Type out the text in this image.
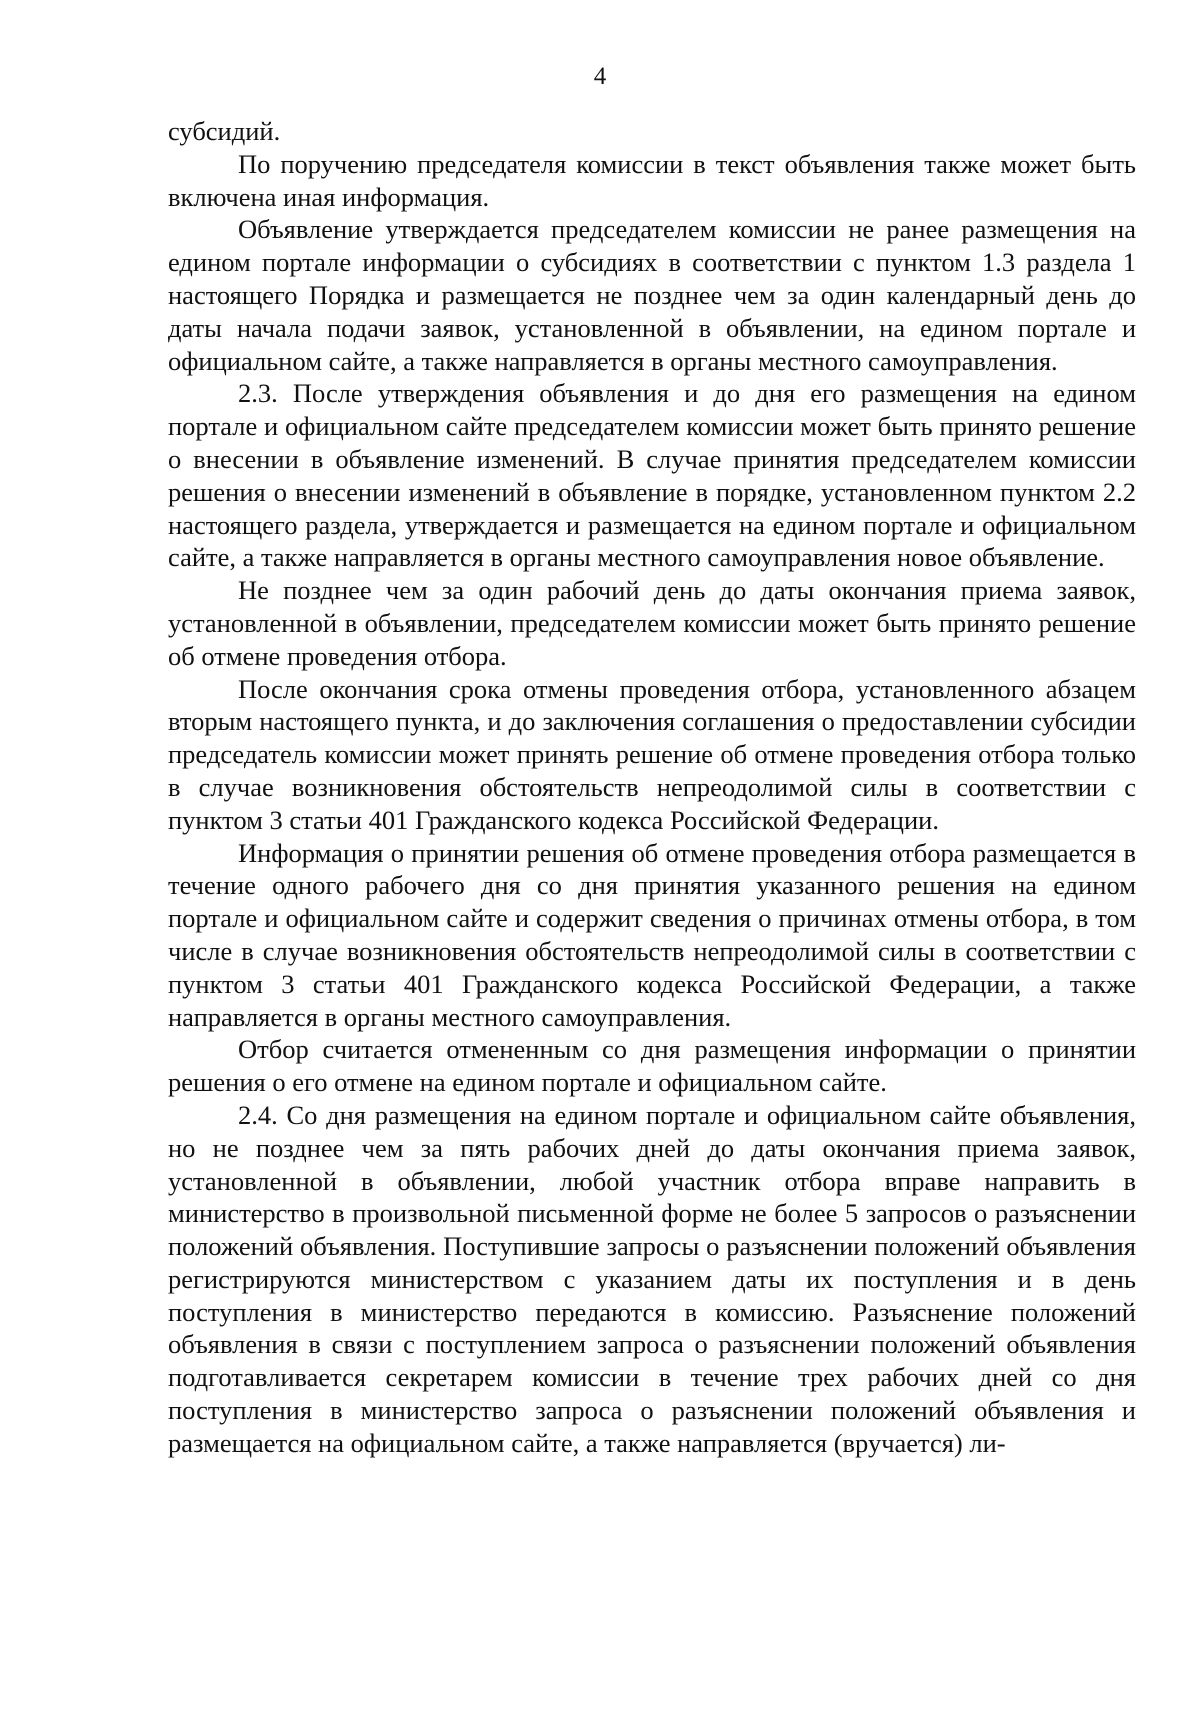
4

субсидий.

По поручению председателя комиссии в текст объявления также может быть включена иная информация.

Объявление утверждается председателем комиссии не ранее размещения на едином портале информации о субсидиях в соответствии с пунктом 1.3 раздела 1 настоящего Порядка и размещается не позднее чем за один календарный день до даты начала подачи заявок, установленной в объявлении, на едином портале и официальном сайте, а также направляется в органы местного самоуправления.

2.3. После утверждения объявления и до дня его размещения на едином портале и официальном сайте председателем комиссии может быть принято решение о внесении в объявление изменений. В случае принятия председателем комиссии решения о внесении изменений в объявление в порядке, установленном пунктом 2.2 настоящего раздела, утверждается и размещается на едином портале и официальном сайте, а также направляется в органы местного самоуправления новое объявление.

Не позднее чем за один рабочий день до даты окончания приема заявок, установленной в объявлении, председателем комиссии может быть принято решение об отмене проведения отбора.

После окончания срока отмены проведения отбора, установленного абзацем вторым настоящего пункта, и до заключения соглашения о предоставлении субсидии председатель комиссии может принять решение об отмене проведения отбора только в случае возникновения обстоятельств непреодолимой силы в соответствии с пунктом 3 статьи 401 Гражданского кодекса Российской Федерации.

Информация о принятии решения об отмене проведения отбора размещается в течение одного рабочего дня со дня принятия указанного решения на едином портале и официальном сайте и содержит сведения о причинах отмены отбора, в том числе в случае возникновения обстоятельств непреодолимой силы в соответствии с пунктом 3 статьи 401 Гражданского кодекса Российской Федерации, а также направляется в органы местного самоуправления.

Отбор считается отмененным со дня размещения информации о принятии решения о его отмене на едином портале и официальном сайте.

2.4. Со дня размещения на едином портале и официальном сайте объявления, но не позднее чем за пять рабочих дней до даты окончания приема заявок, установленной в объявлении, любой участник отбора вправе направить в министерство в произвольной письменной форме не более 5 запросов о разъяснении положений объявления. Поступившие запросы о разъяснении положений объявления регистрируются министерством с указанием даты их поступления и в день поступления в министерство передаются в комиссию. Разъяснение положений объявления в связи с поступлением запроса о разъяснении положений объявления подготавливается секретарем комиссии в течение трех рабочих дней со дня поступления в министерство запроса о разъяснении положений объявления и размещается на официальном сайте, а также направляется (вручается) ли-
